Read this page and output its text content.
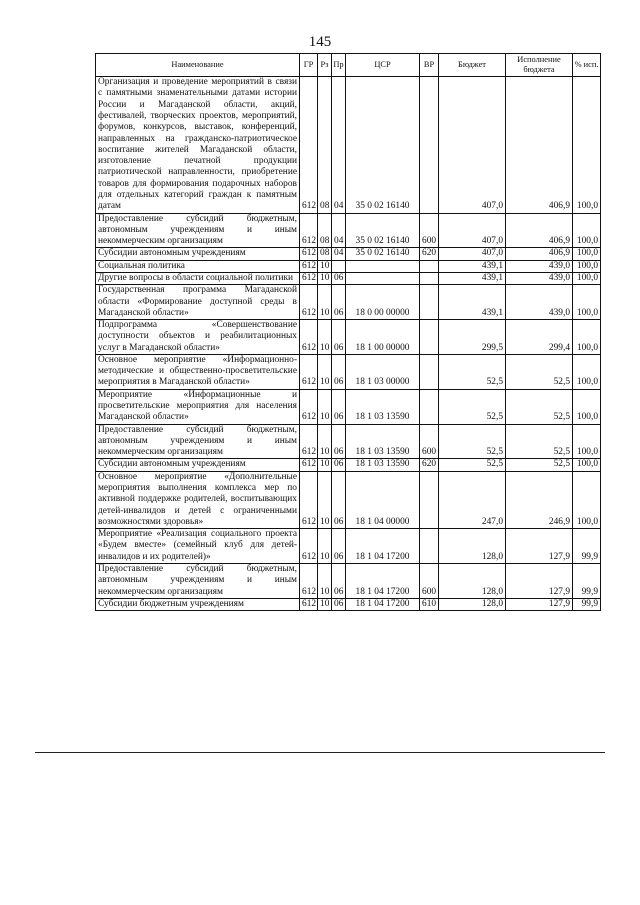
145
Наименование	ГР	Рз	Пр	ЦСР	ВР	Бюджет	Исполнение бюджета	% исп.
Организация и проведение мероприятий в связи с памятными знаменательными датами истории России и Магаданской области, акций, фестивалей, творческих проектов, мероприятий, форумов, конкурсов, выставок, конференций, направленных на гражданско-патриотическое воспитание жителей Магаданской области, изготовление печатной продукции патриотической направленности, приобретение товаров для формирования подарочных наборов для отдельных категорий граждан к памятным датам	612	08	04	35 0 02 16140		407,0	406,9	100,0
Предоставление субсидий бюджетным, автономным учреждениям и иным некоммерческим организациям	612	08	04	35 0 02 16140	600	407,0	406,9	100,0
Субсидии автономным учреждениям	612	08	04	35 0 02 16140	620	407,0	406,9	100,0
Социальная политика	612	10				439,1	439,0	100,0
Другие вопросы в области социальной политики	612	10	06			439,1	439,0	100,0
Государственная программа Магаданской области «Формирование доступной среды в Магаданской области»	612	10	06	18 0 00 00000		439,1	439,0	100,0
Подпрограмма «Совершенствование доступности объектов и реабилитационных услуг в Магаданской области»	612	10	06	18 1 00 00000		299,5	299,4	100,0
Основное мероприятие «Информационно-методические и общественно-просветительские мероприятия в Магаданской области»	612	10	06	18 1 03 00000		52,5	52,5	100,0
Мероприятие «Информационные и просветительские мероприятия для населения Магаданской области»	612	10	06	18 1 03 13590		52,5	52,5	100,0
Предоставление субсидий бюджетным, автономным учреждениям и иным некоммерческим организациям	612	10	06	18 1 03 13590	600	52,5	52,5	100,0
Субсидии автономным учреждениям	612	10	06	18 1 03 13590	620	52,5	52,5	100,0
Основное мероприятие «Дополнительные мероприятия выполнения комплекса мер по активной поддержке родителей, воспитывающих детей-инвалидов и детей с ограниченными возможностями здоровья»	612	10	06	18 1 04 00000		247,0	246,9	100,0
Мероприятие «Реализация социального проекта «Будем вместе» (семейный клуб для детей-инвалидов и их родителей)»	612	10	06	18 1 04 17200		128,0	127,9	99,9
Предоставление субсидий бюджетным, автономным учреждениям и иным некоммерческим организациям	612	10	06	18 1 04 17200	600	128,0	127,9	99,9
Субсидии бюджетным учреждениям	612	10	06	18 1 04 17200	610	128,0	127,9	99,9
